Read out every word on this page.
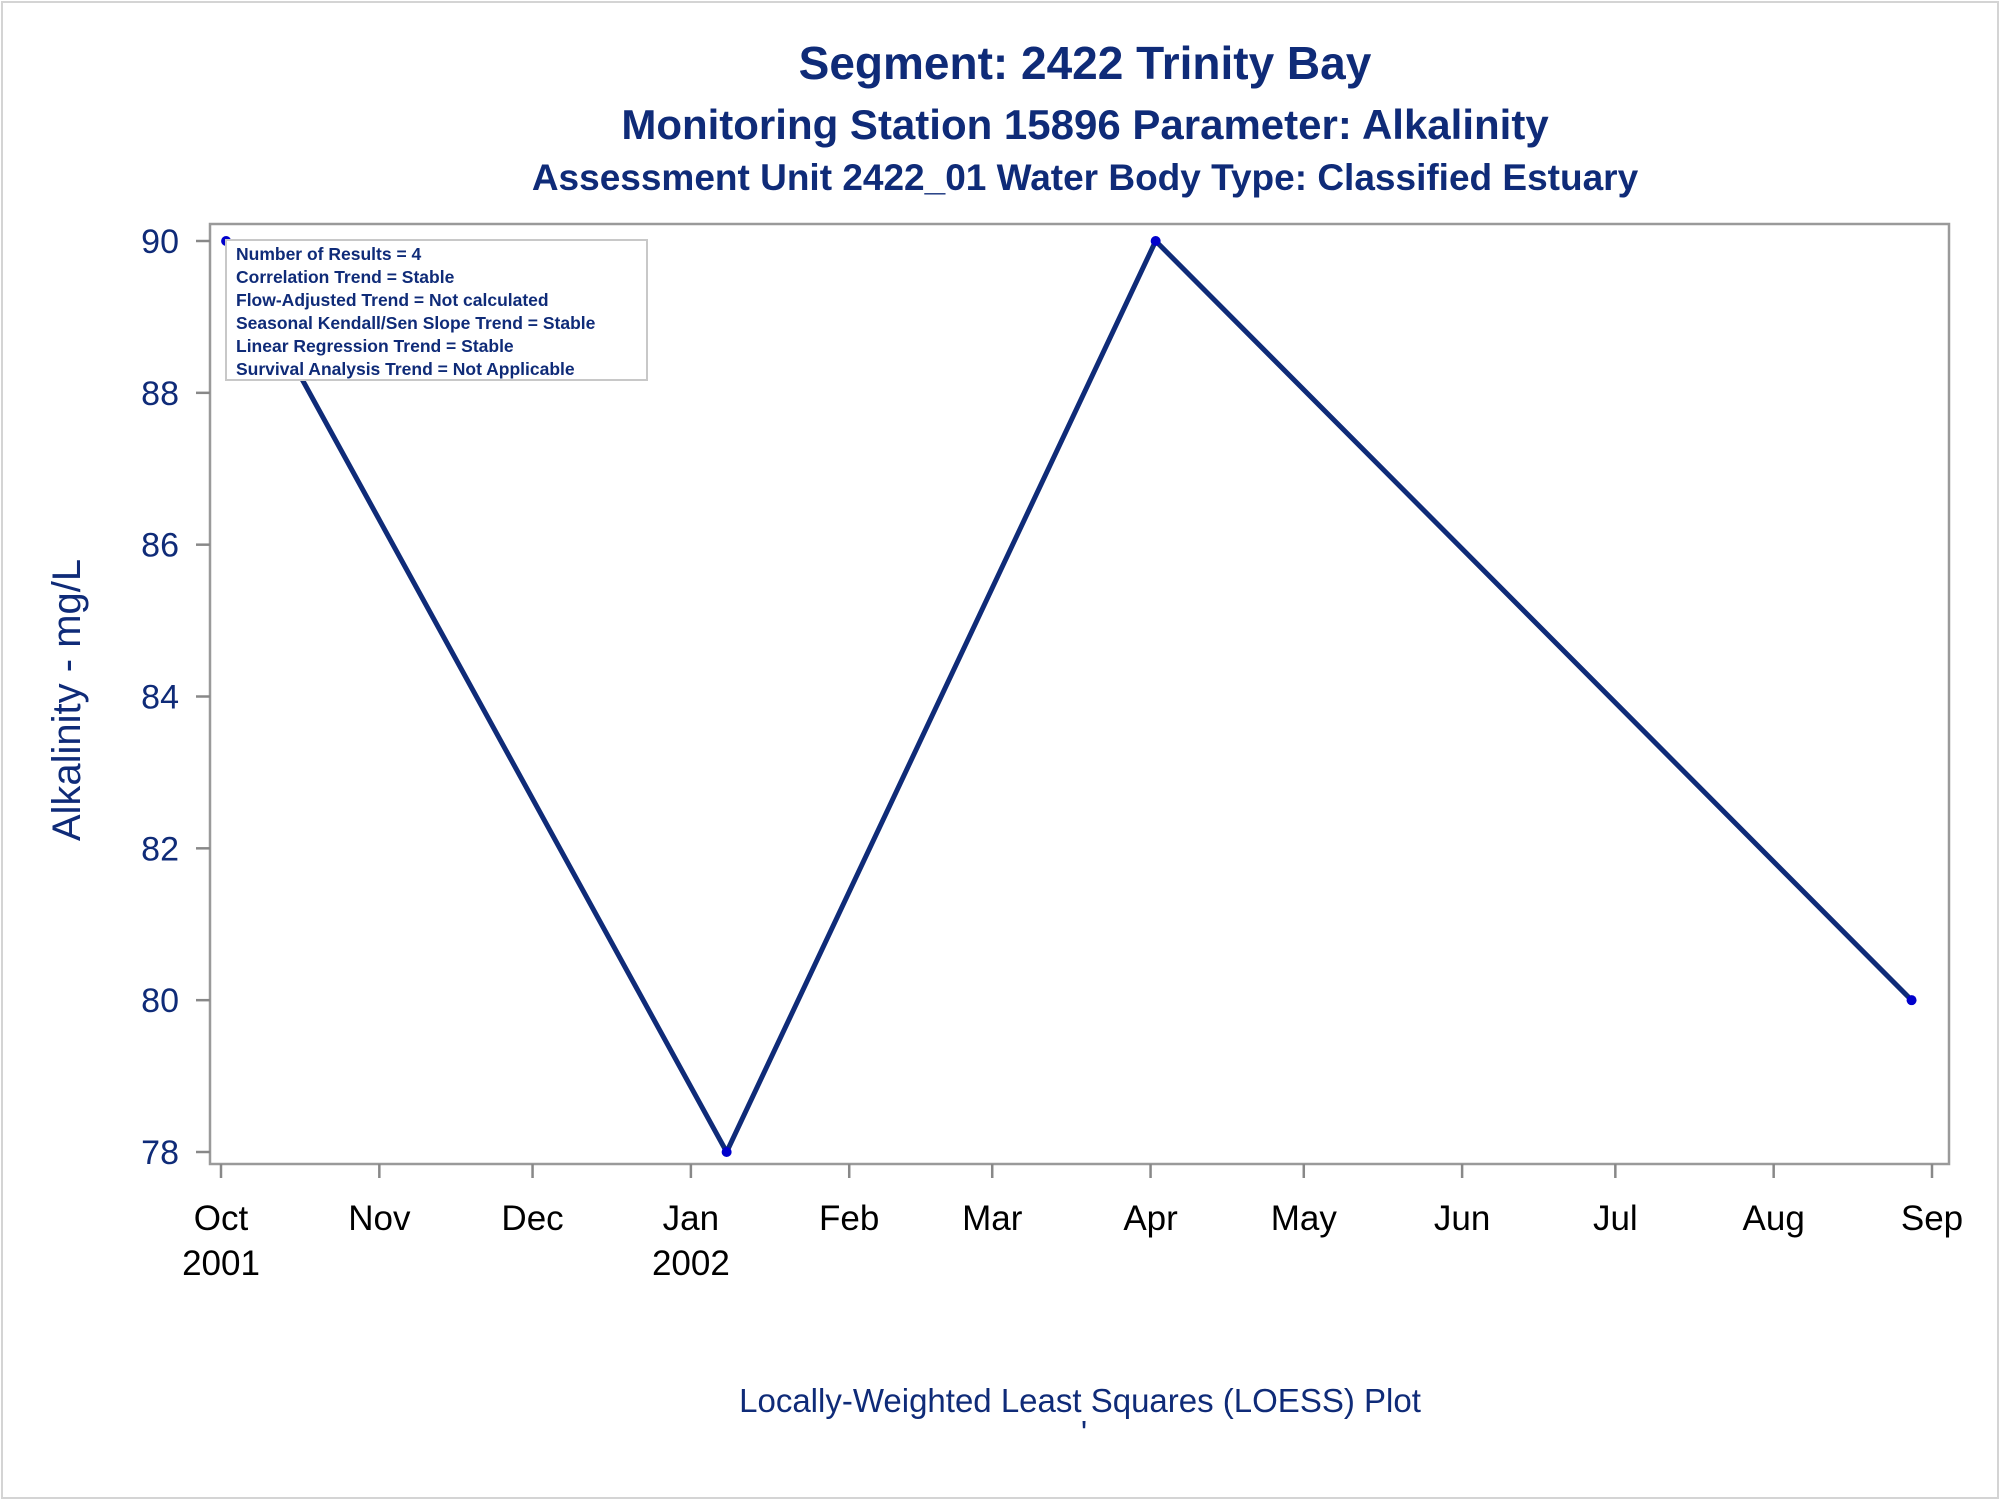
Segment: 2422 Trinity Bay
Monitoring Station 15896 Parameter: Alkalinity
Assessment Unit 2422_01 Water Body Type: Classified Estuary
78
80
82
84
86
88
90
Oct
2001
Nov	Dec	Jan
2002
Feb Mar	Apr	May	Jun	Jul	Aug	Sep
Alkalinity - mg/L
Number of Results = 4
Correlation Trend = Stable
Flow-Adjusted Trend = Not calculated
Seasonal Kendall/Sen Slope Trend = Stable
Linear Regression Trend = Stable
Survival Analysis Trend = Not Applicable
Locally-Weighted Least Squares (LOESS) Plot
'
